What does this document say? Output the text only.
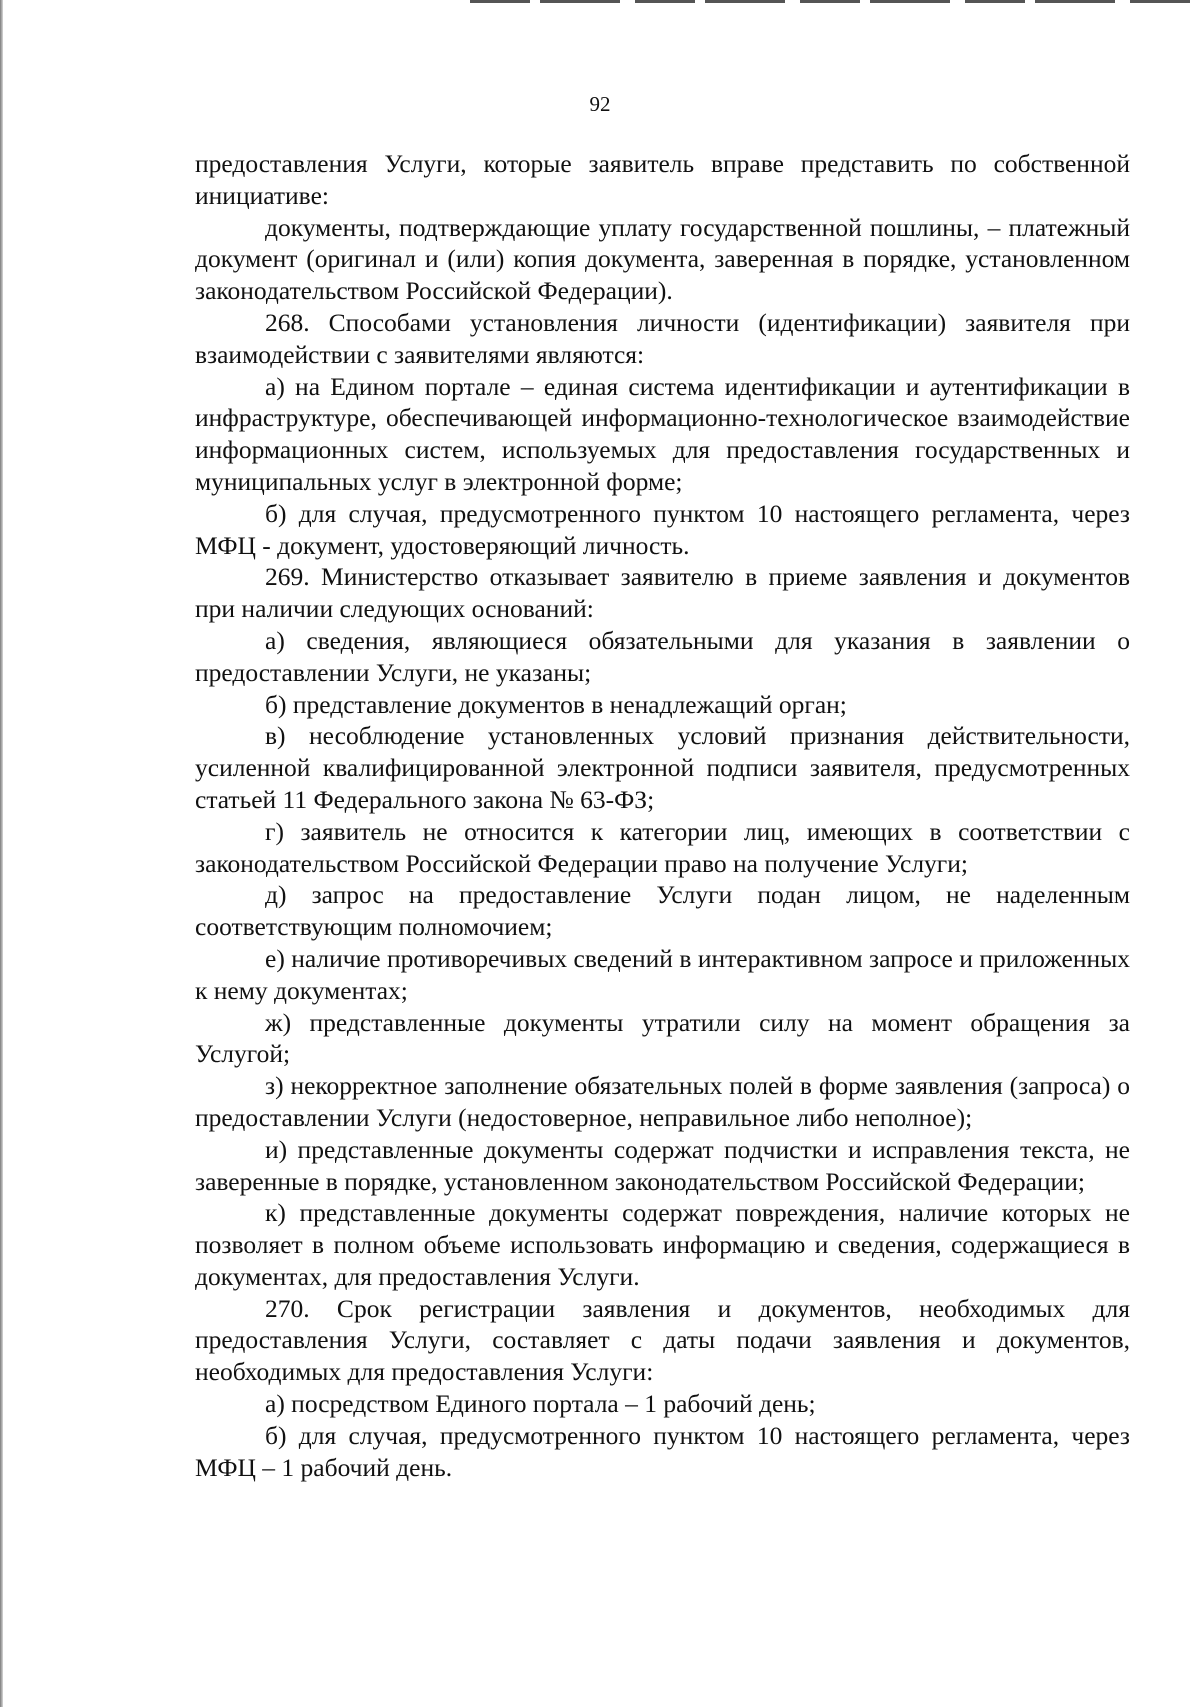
92

предоставления Услуги, которые заявитель вправе представить по собственной инициативе:

документы, подтверждающие уплату государственной пошлины, – платежный документ (оригинал и (или) копия документа, заверенная в порядке, установленном законодательством Российской Федерации).

268. Способами установления личности (идентификации) заявителя при взаимодействии с заявителями являются:

а) на Едином портале – единая система идентификации и аутентификации в инфраструктуре, обеспечивающей информационно-технологическое взаимодействие информационных систем, используемых для предоставления государственных и муниципальных услуг в электронной форме;

б) для случая, предусмотренного пунктом 10 настоящего регламента, через МФЦ - документ, удостоверяющий личность.

269. Министерство отказывает заявителю в приеме заявления и документов при наличии следующих оснований:

а) сведения, являющиеся обязательными для указания в заявлении о предоставлении Услуги, не указаны;

б) представление документов в ненадлежащий орган;

в) несоблюдение установленных условий признания действительности, усиленной квалифицированной электронной подписи заявителя, предусмотренных статьей 11 Федерального закона № 63-ФЗ;

г) заявитель не относится к категории лиц, имеющих в соответствии с законодательством Российской Федерации право на получение Услуги;

д) запрос на предоставление Услуги подан лицом, не наделенным соответствующим полномочием;

е) наличие противоречивых сведений в интерактивном запросе и приложенных к нему документах;

ж) представленные документы утратили силу на момент обращения за Услугой;

з) некорректное заполнение обязательных полей в форме заявления (запроса) о предоставлении Услуги (недостоверное, неправильное либо неполное);

и) представленные документы содержат подчистки и исправления текста, не заверенные в порядке, установленном законодательством Российской Федерации;

к) представленные документы содержат повреждения, наличие которых не позволяет в полном объеме использовать информацию и сведения, содержащиеся в документах, для предоставления Услуги.

270. Срок регистрации заявления и документов, необходимых для предоставления Услуги, составляет с даты подачи заявления и документов, необходимых для предоставления Услуги:

а) посредством Единого портала – 1 рабочий день;

б) для случая, предусмотренного пунктом 10 настоящего регламента, через МФЦ – 1 рабочий день.
